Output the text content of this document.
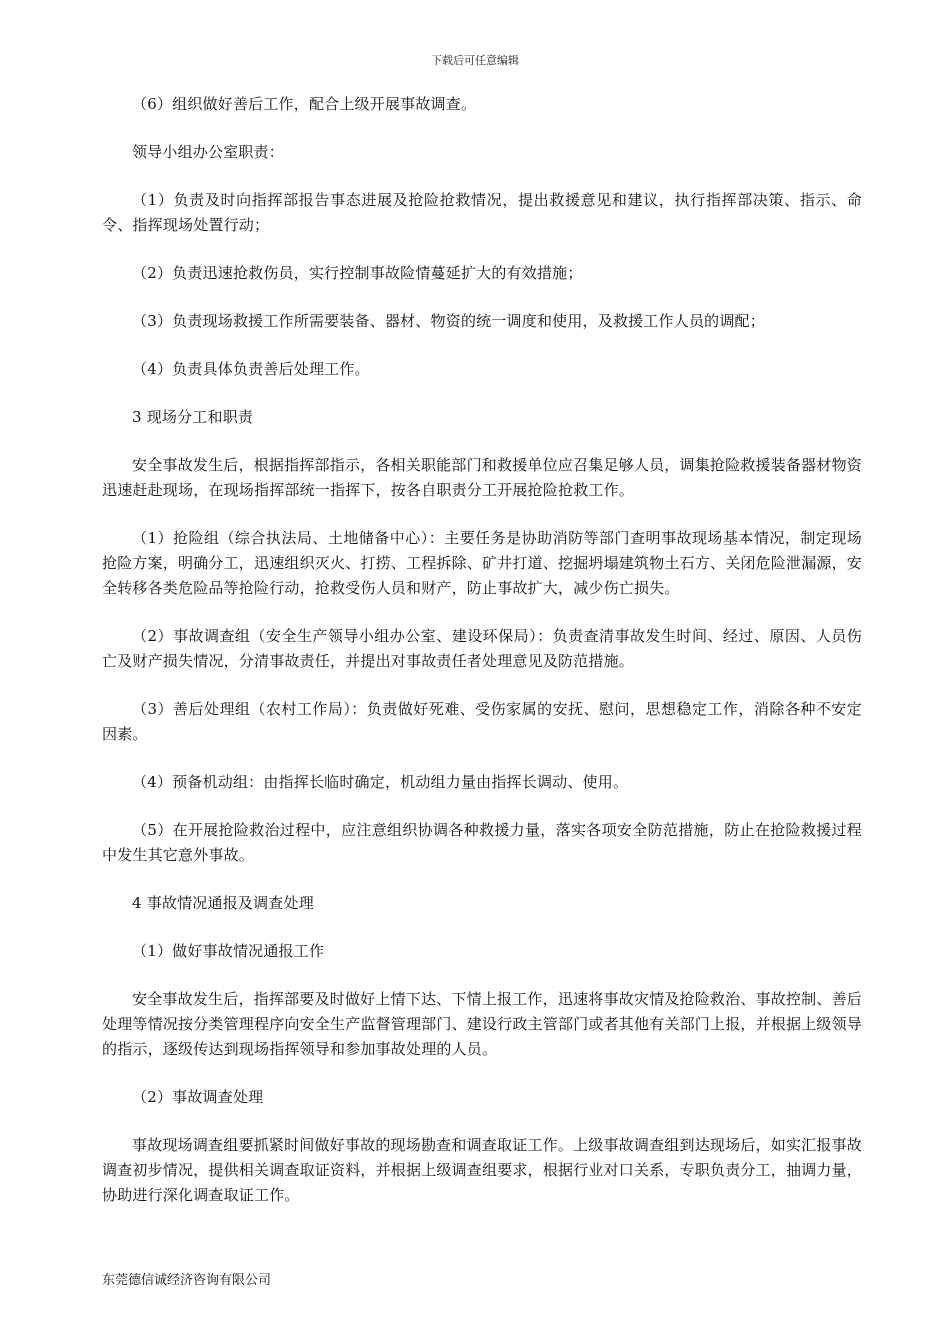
下载后可任意编辑

（6）组织做好善后工作，配合上级开展事故调查。

领导小组办公室职责：

（1）负责及时向指挥部报告事态进展及抢险抢救情况，提出救援意见和建议，执行指挥部决策、指示、命令、指挥现场处置行动；

（2）负责迅速抢救伤员，实行控制事故险情蔓延扩大的有效措施；

（3）负责现场救援工作所需要装备、器材、物资的统一调度和使用，及救援工作人员的调配；

（4）负责具体负责善后处理工作。

3 现场分工和职责

安全事故发生后，根据指挥部指示，各相关职能部门和救援单位应召集足够人员，调集抢险救援装备器材物资迅速赶赴现场，在现场指挥部统一指挥下，按各自职责分工开展抢险抢救工作。

（1）抢险组（综合执法局、土地储备中心）：主要任务是协助消防等部门查明事故现场基本情况，制定现场抢险方案，明确分工，迅速组织灭火、打捞、工程拆除、矿井打道、挖掘坍塌建筑物土石方、关闭危险泄漏源，安全转移各类危险品等抢险行动，抢救受伤人员和财产，防止事故扩大，减少伤亡损失。

（2）事故调查组（安全生产领导小组办公室、建设环保局）：负责查清事故发生时间、经过、原因、人员伤亡及财产损失情况，分清事故责任，并提出对事故责任者处理意见及防范措施。

（3）善后处理组（农村工作局）：负责做好死难、受伤家属的安抚、慰问，思想稳定工作，消除各种不安定因素。

（4）预备机动组：由指挥长临时确定，机动组力量由指挥长调动、使用。

（5）在开展抢险救治过程中，应注意组织协调各种救援力量，落实各项安全防范措施，防止在抢险救援过程中发生其它意外事故。

4 事故情况通报及调查处理

（1）做好事故情况通报工作

安全事故发生后，指挥部要及时做好上情下达、下情上报工作，迅速将事故灾情及抢险救治、事故控制、善后处理等情况按分类管理程序向安全生产监督管理部门、建设行政主管部门或者其他有关部门上报，并根据上级领导的指示，逐级传达到现场指挥领导和参加事故处理的人员。

（2）事故调查处理

事故现场调查组要抓紧时间做好事故的现场勘查和调查取证工作。上级事故调查组到达现场后，如实汇报事故调查初步情况，提供相关调查取证资料，并根据上级调查组要求，根据行业对口关系，专职负责分工，抽调力量，协助进行深化调查取证工作。

东莞德信诚经济咨询有限公司
